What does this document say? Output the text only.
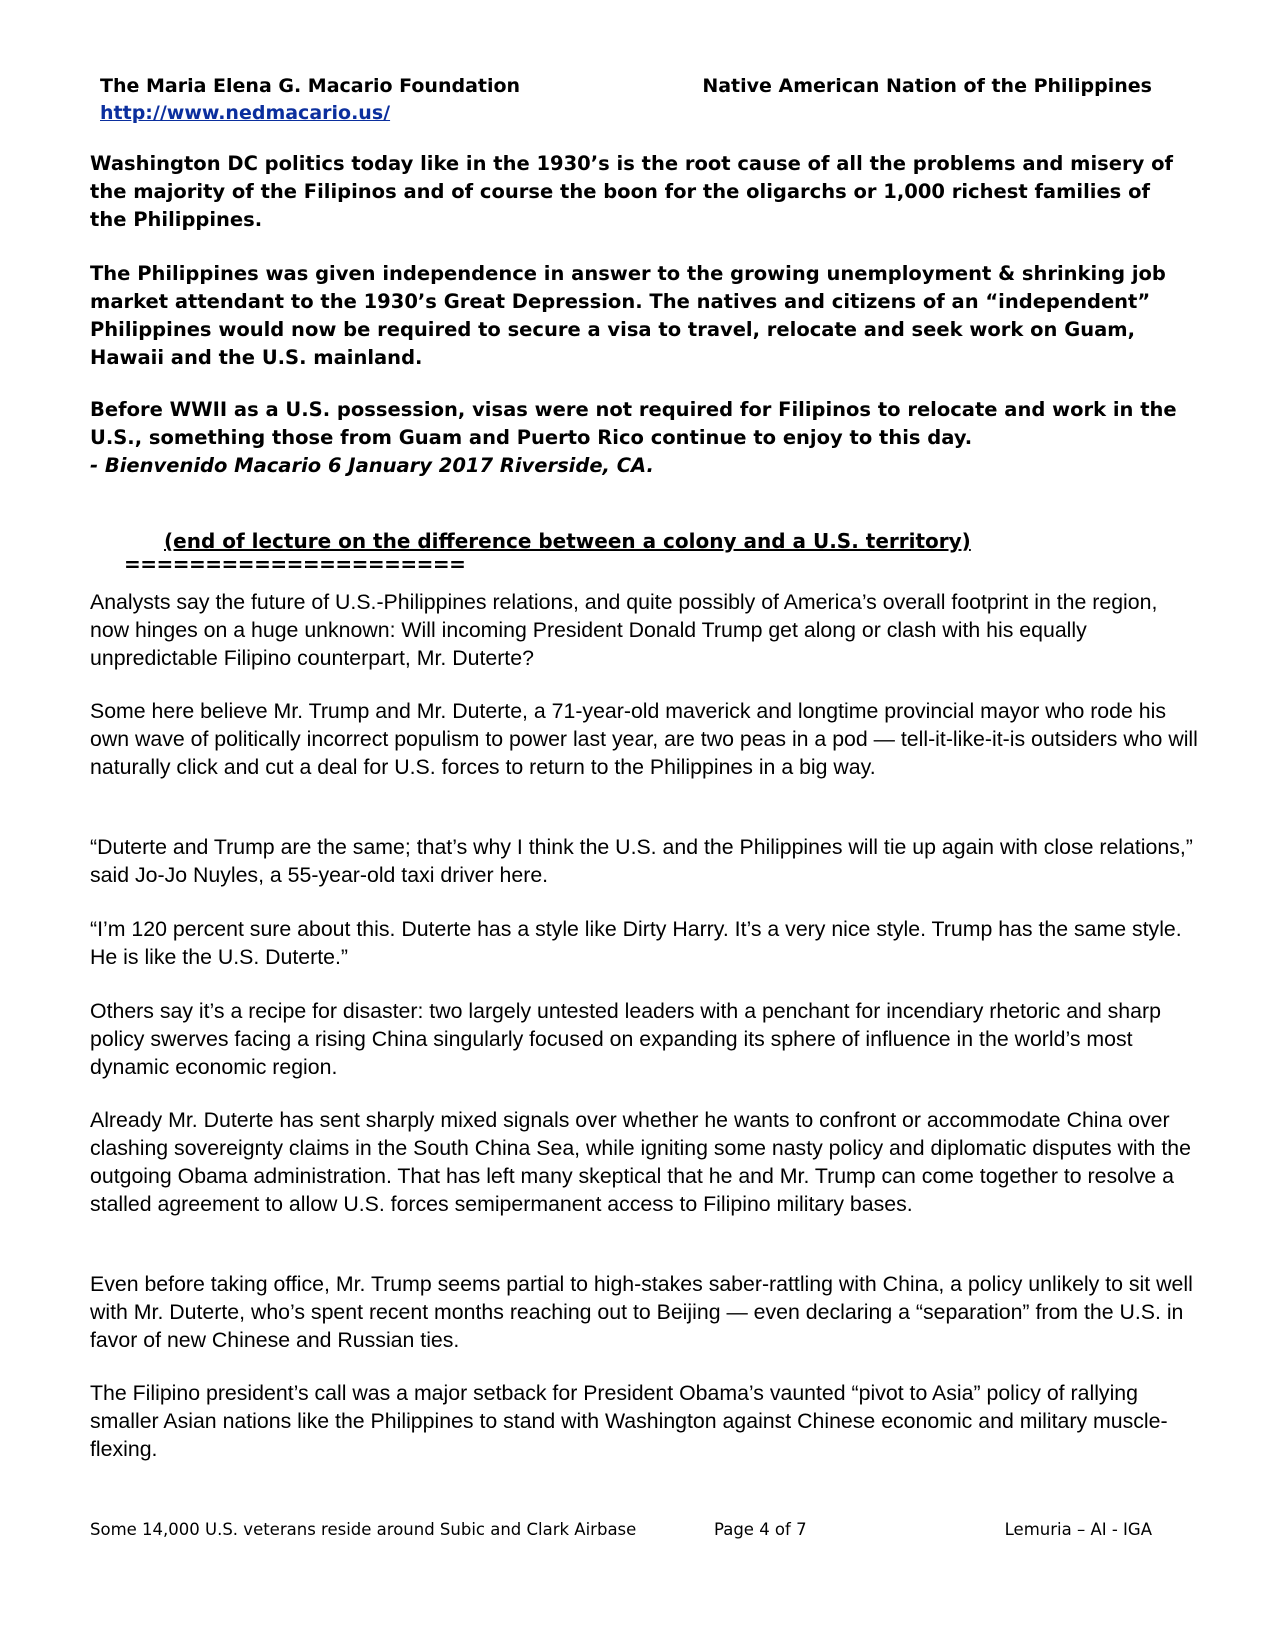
The Maria Elena G. Macario Foundation	Native American Nation of the Philippines
http://www.nedmacario.us/

Washington DC politics today like in the 1930’s is the root cause of all the problems and misery of the majority of the Filipinos and of course the boon for the oligarchs or 1,000 richest families of the Philippines.

The Philippines was given independence in answer to the growing unemployment & shrinking job market attendant to the 1930’s Great Depression. The natives and citizens of an “independent” Philippines would now be required to secure a visa to travel, relocate and seek work on Guam, Hawaii and the U.S. mainland.

Before WWII as a U.S. possession, visas were not required for Filipinos to relocate and work in the U.S., something those from Guam and Puerto Rico continue to enjoy to this day.
- Bienvenido Macario 6 January 2017 Riverside, CA.
(end of lecture on the difference between a colony and a U.S. territory)
=====================

Analysts say the future of U.S.-Philippines relations, and quite possibly of America’s overall footprint in the region, now hinges on a huge unknown: Will incoming President Donald Trump get along or clash with his equally unpredictable Filipino counterpart, Mr. Duterte?

Some here believe Mr. Trump and Mr. Duterte, a 71-year-old maverick and longtime provincial mayor who rode his own wave of politically incorrect populism to power last year, are two peas in a pod — tell-it-like-it-is outsiders who will naturally click and cut a deal for U.S. forces to return to the Philippines in a big way.

“Duterte and Trump are the same; that’s why I think the U.S. and the Philippines will tie up again with close relations,” said Jo-Jo Nuyles, a 55-year-old taxi driver here.

“I’m 120 percent sure about this. Duterte has a style like Dirty Harry. It’s a very nice style. Trump has the same style. He is like the U.S. Duterte.”

Others say it’s a recipe for disaster: two largely untested leaders with a penchant for incendiary rhetoric and sharp policy swerves facing a rising China singularly focused on expanding its sphere of influence in the world’s most dynamic economic region.

Already Mr. Duterte has sent sharply mixed signals over whether he wants to confront or accommodate China over clashing sovereignty claims in the South China Sea, while igniting some nasty policy and diplomatic disputes with the outgoing Obama administration. That has left many skeptical that he and Mr. Trump can come together to resolve a stalled agreement to allow U.S. forces semipermanent access to Filipino military bases.

Even before taking office, Mr. Trump seems partial to high-stakes saber-rattling with China, a policy unlikely to sit well with Mr. Duterte, who’s spent recent months reaching out to Beijing — even declaring a “separation” from the U.S. in favor of new Chinese and Russian ties.

The Filipino president’s call was a major setback for President Obama’s vaunted “pivot to Asia” policy of rallying smaller Asian nations like the Philippines to stand with Washington against Chinese economic and military muscle-flexing.

Some 14,000 U.S. veterans reside around Subic and Clark Airbase	Page 4 of 7	Lemuria – AI - IGA
